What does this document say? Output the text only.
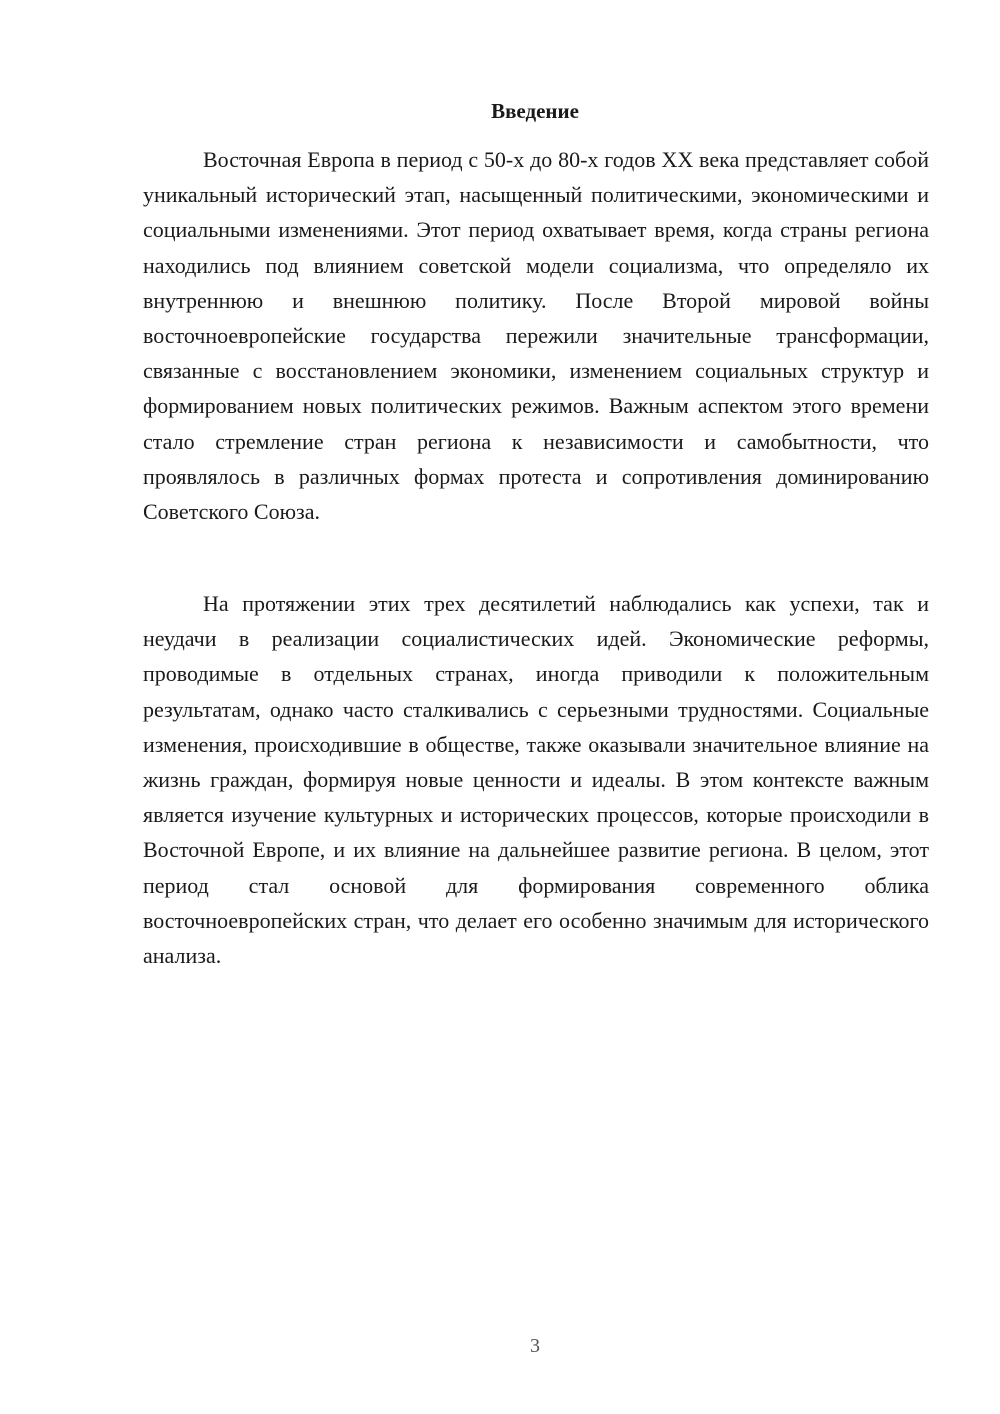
Введение

Восточная Европа в период с 50-х до 80-х годов XX века представляет собой уникальный исторический этап, насыщенный политическими, экономическими и социальными изменениями. Этот период охватывает время, когда страны региона находились под влиянием советской модели социализма, что определяло их внутреннюю и внешнюю политику. После Второй мировой войны восточноевропейские государства пережили значительные трансформации, связанные с восстановлением экономики, изменением социальных структур и формированием новых политических режимов. Важным аспектом этого времени стало стремление стран региона к независимости и самобытности, что проявлялось в различных формах протеста и сопротивления доминированию Советского Союза.

На протяжении этих трех десятилетий наблюдались как успехи, так и неудачи в реализации социалистических идей. Экономические реформы, проводимые в отдельных странах, иногда приводили к положительным результатам, однако часто сталкивались с серьезными трудностями. Социальные изменения, происходившие в обществе, также оказывали значительное влияние на жизнь граждан, формируя новые ценности и идеалы. В этом контексте важным является изучение культурных и исторических процессов, которые происходили в Восточной Европе, и их влияние на дальнейшее развитие региона. В целом, этот период стал основой для формирования современного облика восточноевропейских стран, что делает его особенно значимым для исторического анализа.

3
